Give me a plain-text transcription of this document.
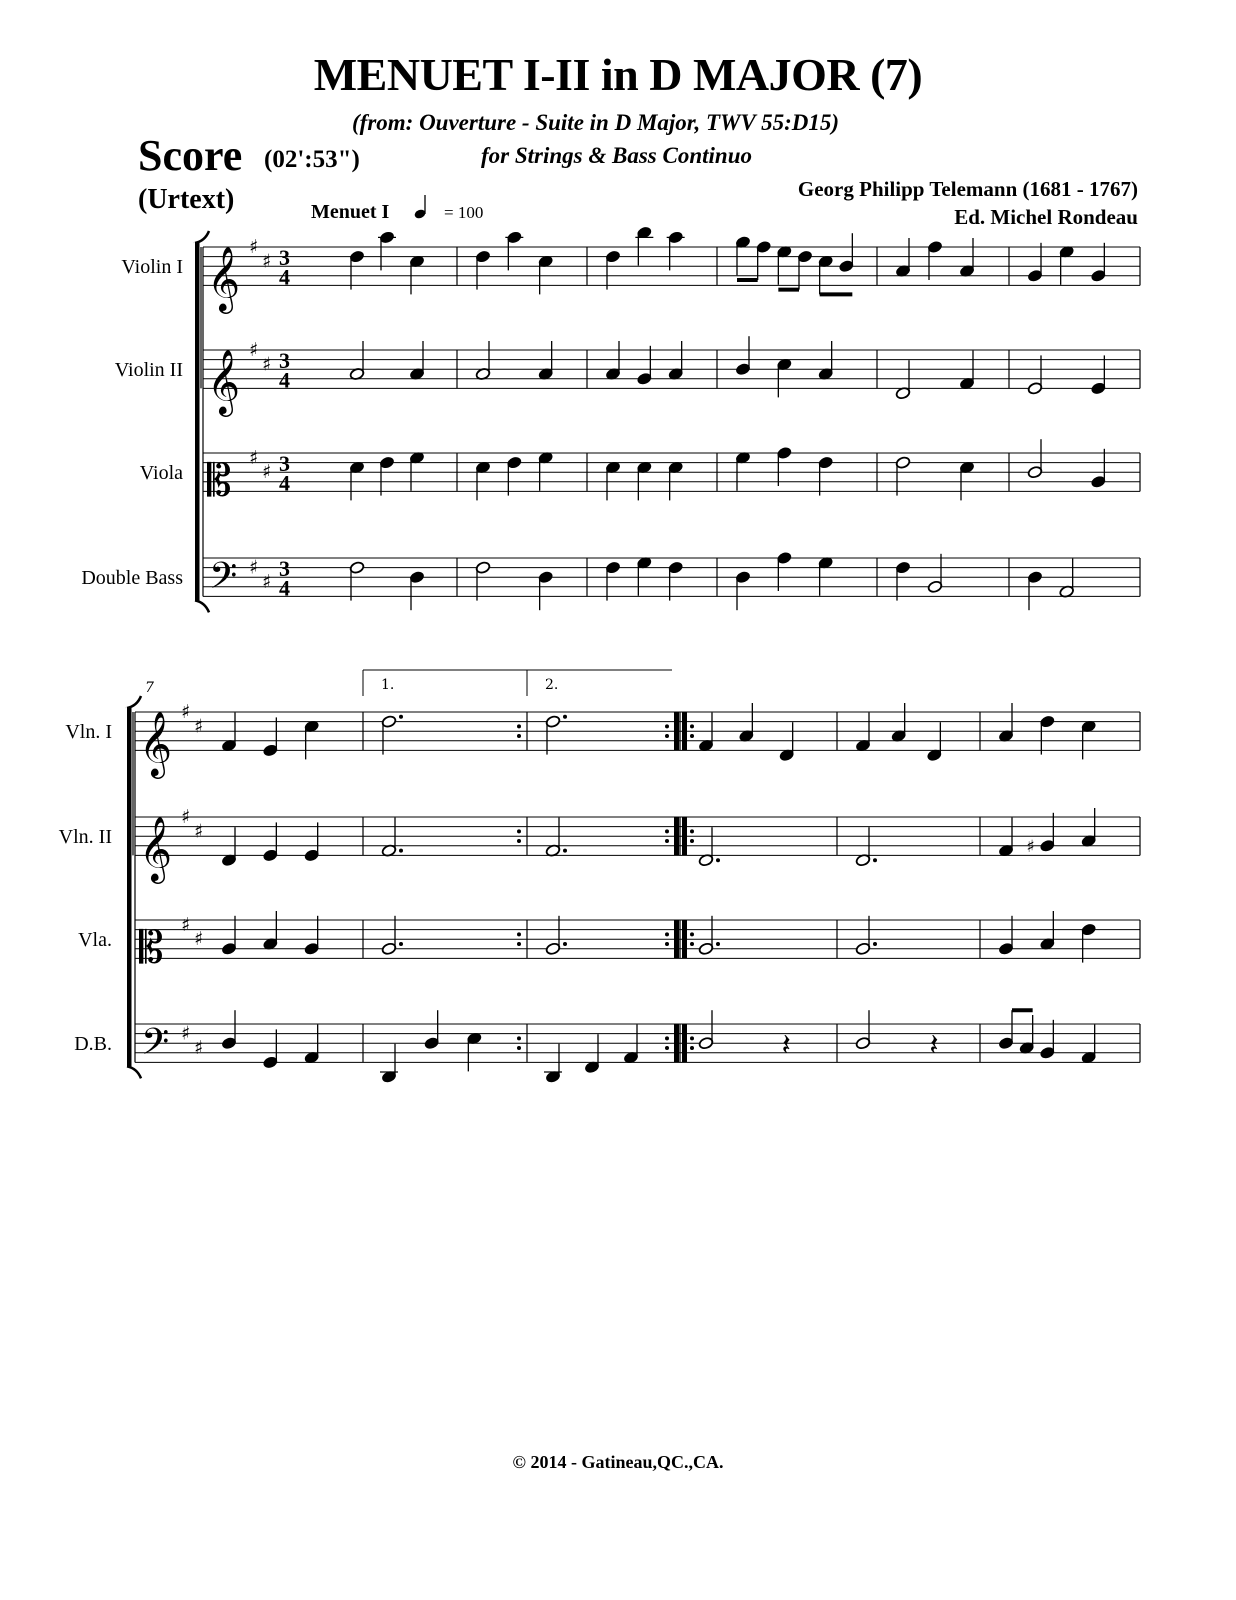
MENUET I-II in D MAJOR (7)
(from: Ouverture - Suite in D Major, TWV 55:D15)
for Strings & Bass Continuo
Score (02':53")
(Urtext)	Georg Philipp Telemann (1681 - 1767)
Ed. Michel Rondeau
Menuet I	= 100
© 2014 - Gatineau,QC.,CA.
⎡
𝄞 ♯
♯ 3
4
𝄞 ♯
♯ 3
4
𝄡 ♯
♯ 3
4
𝄢 ♯
♯
3
4
Violin I
Violin II
Viola
Double Bass
⎡
𝄞 ♯
♯
𝄞 ♯
♯
𝄡 ♯
♯
𝄢 ♯
♯
1.	2.
7
Vln. I
Vln. II
Vla.
D.B.
♯
𝄽	𝄽
